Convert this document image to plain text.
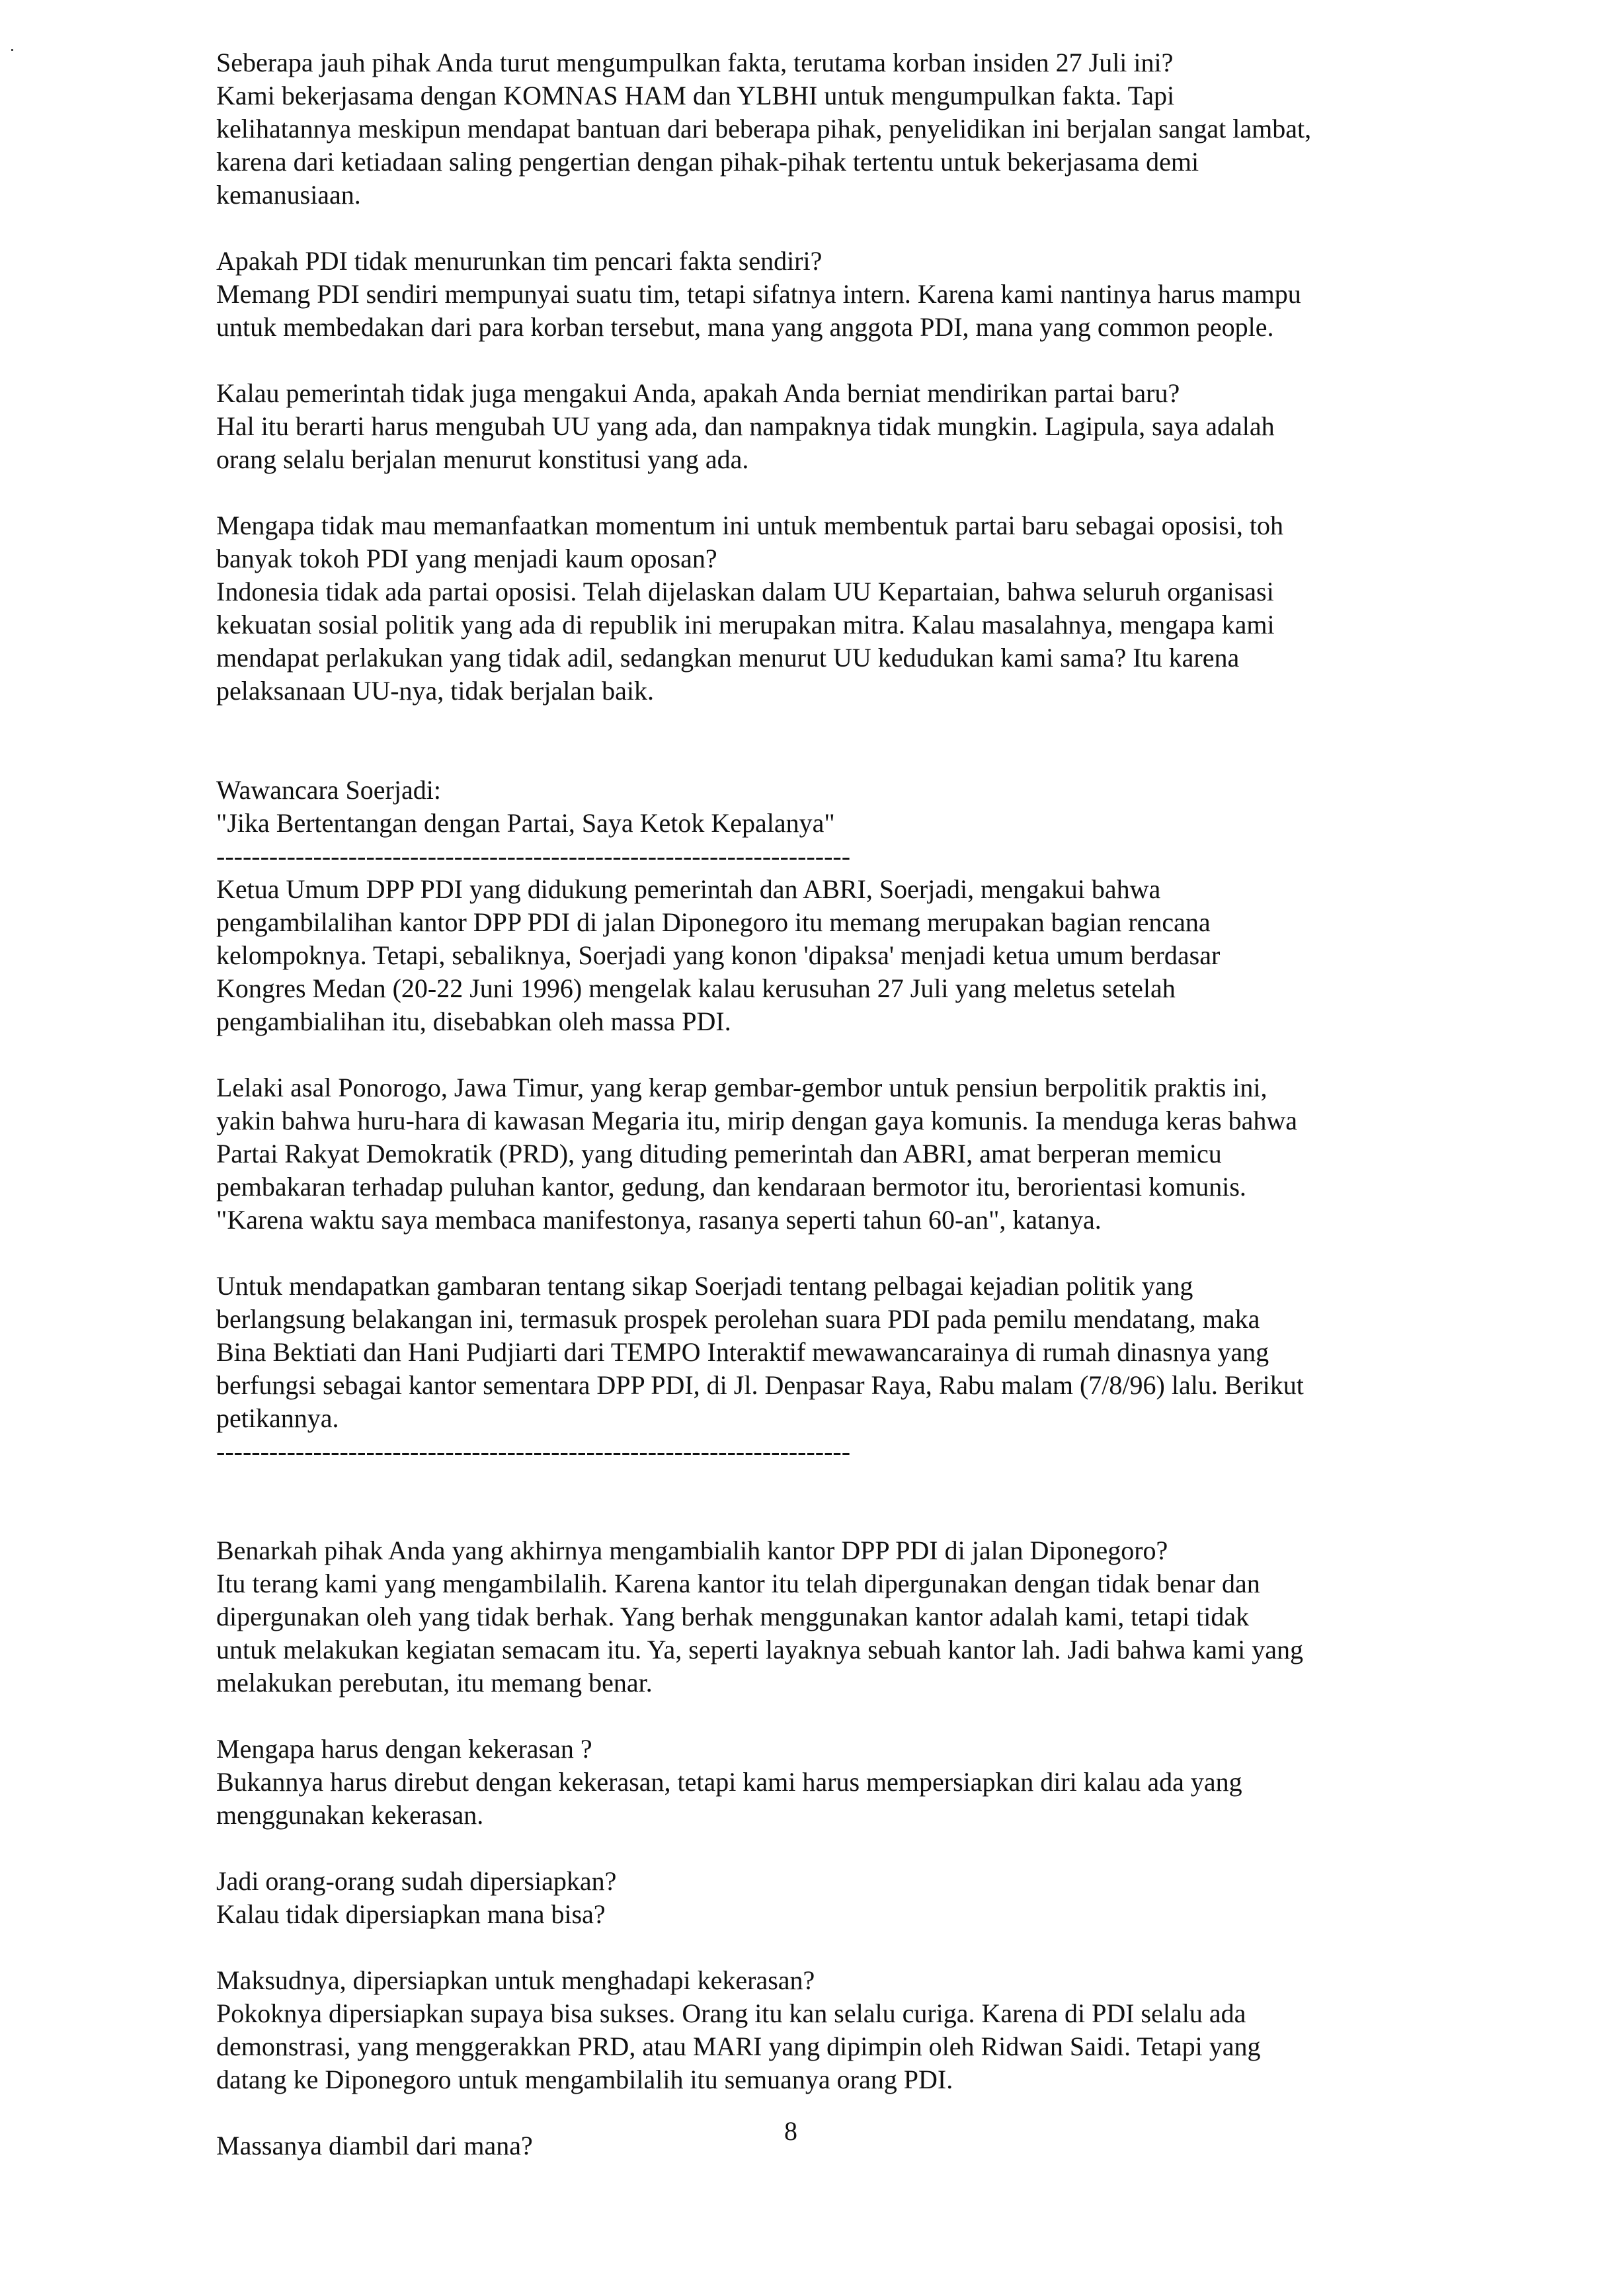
Seberapa jauh pihak Anda turut mengumpulkan fakta, terutama korban insiden 27 Juli ini?
Kami bekerjasama dengan KOMNAS HAM dan YLBHI untuk mengumpulkan fakta. Tapi
kelihatannya meskipun mendapat bantuan dari beberapa pihak, penyelidikan ini berjalan sangat lambat,
karena dari ketiadaan saling pengertian dengan pihak-pihak tertentu untuk bekerjasama demi
kemanusiaan.
Apakah PDI tidak menurunkan tim pencari fakta sendiri?
Memang PDI sendiri mempunyai suatu tim, tetapi sifatnya intern. Karena kami nantinya harus mampu
untuk membedakan dari para korban tersebut, mana yang anggota PDI, mana yang common people.
Kalau pemerintah tidak juga mengakui Anda, apakah Anda berniat mendirikan partai baru?
Hal itu berarti harus mengubah UU yang ada, dan nampaknya tidak mungkin. Lagipula, saya adalah
orang selalu berjalan menurut konstitusi yang ada.
Mengapa tidak mau memanfaatkan momentum ini untuk membentuk partai baru sebagai oposisi, toh
banyak tokoh PDI yang menjadi kaum oposan?
Indonesia tidak ada partai oposisi. Telah dijelaskan dalam UU Kepartaian, bahwa seluruh organisasi
kekuatan sosial politik yang ada di republik ini merupakan mitra. Kalau masalahnya, mengapa kami
mendapat perlakukan yang tidak adil, sedangkan menurut UU kedudukan kami sama? Itu karena
pelaksanaan UU-nya, tidak berjalan baik.
Wawancara Soerjadi:
"Jika Bertentangan dengan Partai, Saya Ketok Kepalanya"
------------------------------------------------------------------------
Ketua Umum DPP PDI yang didukung pemerintah dan ABRI, Soerjadi, mengakui bahwa
pengambilalihan kantor DPP PDI di jalan Diponegoro itu memang merupakan bagian rencana
kelompoknya. Tetapi, sebaliknya, Soerjadi yang konon 'dipaksa' menjadi ketua umum berdasar
Kongres Medan (20-22 Juni 1996) mengelak kalau kerusuhan 27 Juli yang meletus setelah
pengambialihan itu, disebabkan oleh massa PDI.
Lelaki asal Ponorogo, Jawa Timur, yang kerap gembar-gembor untuk pensiun berpolitik praktis ini,
yakin bahwa huru-hara di kawasan Megaria itu, mirip dengan gaya komunis. Ia menduga keras bahwa
Partai Rakyat Demokratik (PRD), yang dituding pemerintah dan ABRI, amat berperan memicu
pembakaran terhadap puluhan kantor, gedung, dan kendaraan bermotor itu, berorientasi komunis.
"Karena waktu saya membaca manifestonya, rasanya seperti tahun 60-an", katanya.
Untuk mendapatkan gambaran tentang sikap Soerjadi tentang pelbagai kejadian politik yang
berlangsung belakangan ini, termasuk prospek perolehan suara PDI pada pemilu mendatang, maka
Bina Bektiati dan Hani Pudjiarti dari TEMPO Interaktif mewawancarainya di rumah dinasnya yang
berfungsi sebagai kantor sementara DPP PDI, di Jl. Denpasar Raya, Rabu malam (7/8/96) lalu. Berikut
petikannya.
------------------------------------------------------------------------
Benarkah pihak Anda yang akhirnya mengambialih kantor DPP PDI di jalan Diponegoro?
Itu terang kami yang mengambilalih. Karena kantor itu telah dipergunakan dengan tidak benar dan
dipergunakan oleh yang tidak berhak. Yang berhak menggunakan kantor adalah kami, tetapi tidak
untuk melakukan kegiatan semacam itu. Ya, seperti layaknya sebuah kantor lah. Jadi bahwa kami yang
melakukan perebutan, itu memang benar.
Mengapa harus dengan kekerasan ?
Bukannya harus direbut dengan kekerasan, tetapi kami harus mempersiapkan diri kalau ada yang
menggunakan kekerasan.
Jadi orang-orang sudah dipersiapkan?
Kalau tidak dipersiapkan mana bisa?
Maksudnya, dipersiapkan untuk menghadapi kekerasan?
Pokoknya dipersiapkan supaya bisa sukses. Orang itu kan selalu curiga. Karena di PDI selalu ada
demonstrasi, yang menggerakkan PRD, atau MARI yang dipimpin oleh Ridwan Saidi. Tetapi yang
datang ke Diponegoro untuk mengambilalih itu semuanya orang PDI.
Massanya diambil dari mana?	8
